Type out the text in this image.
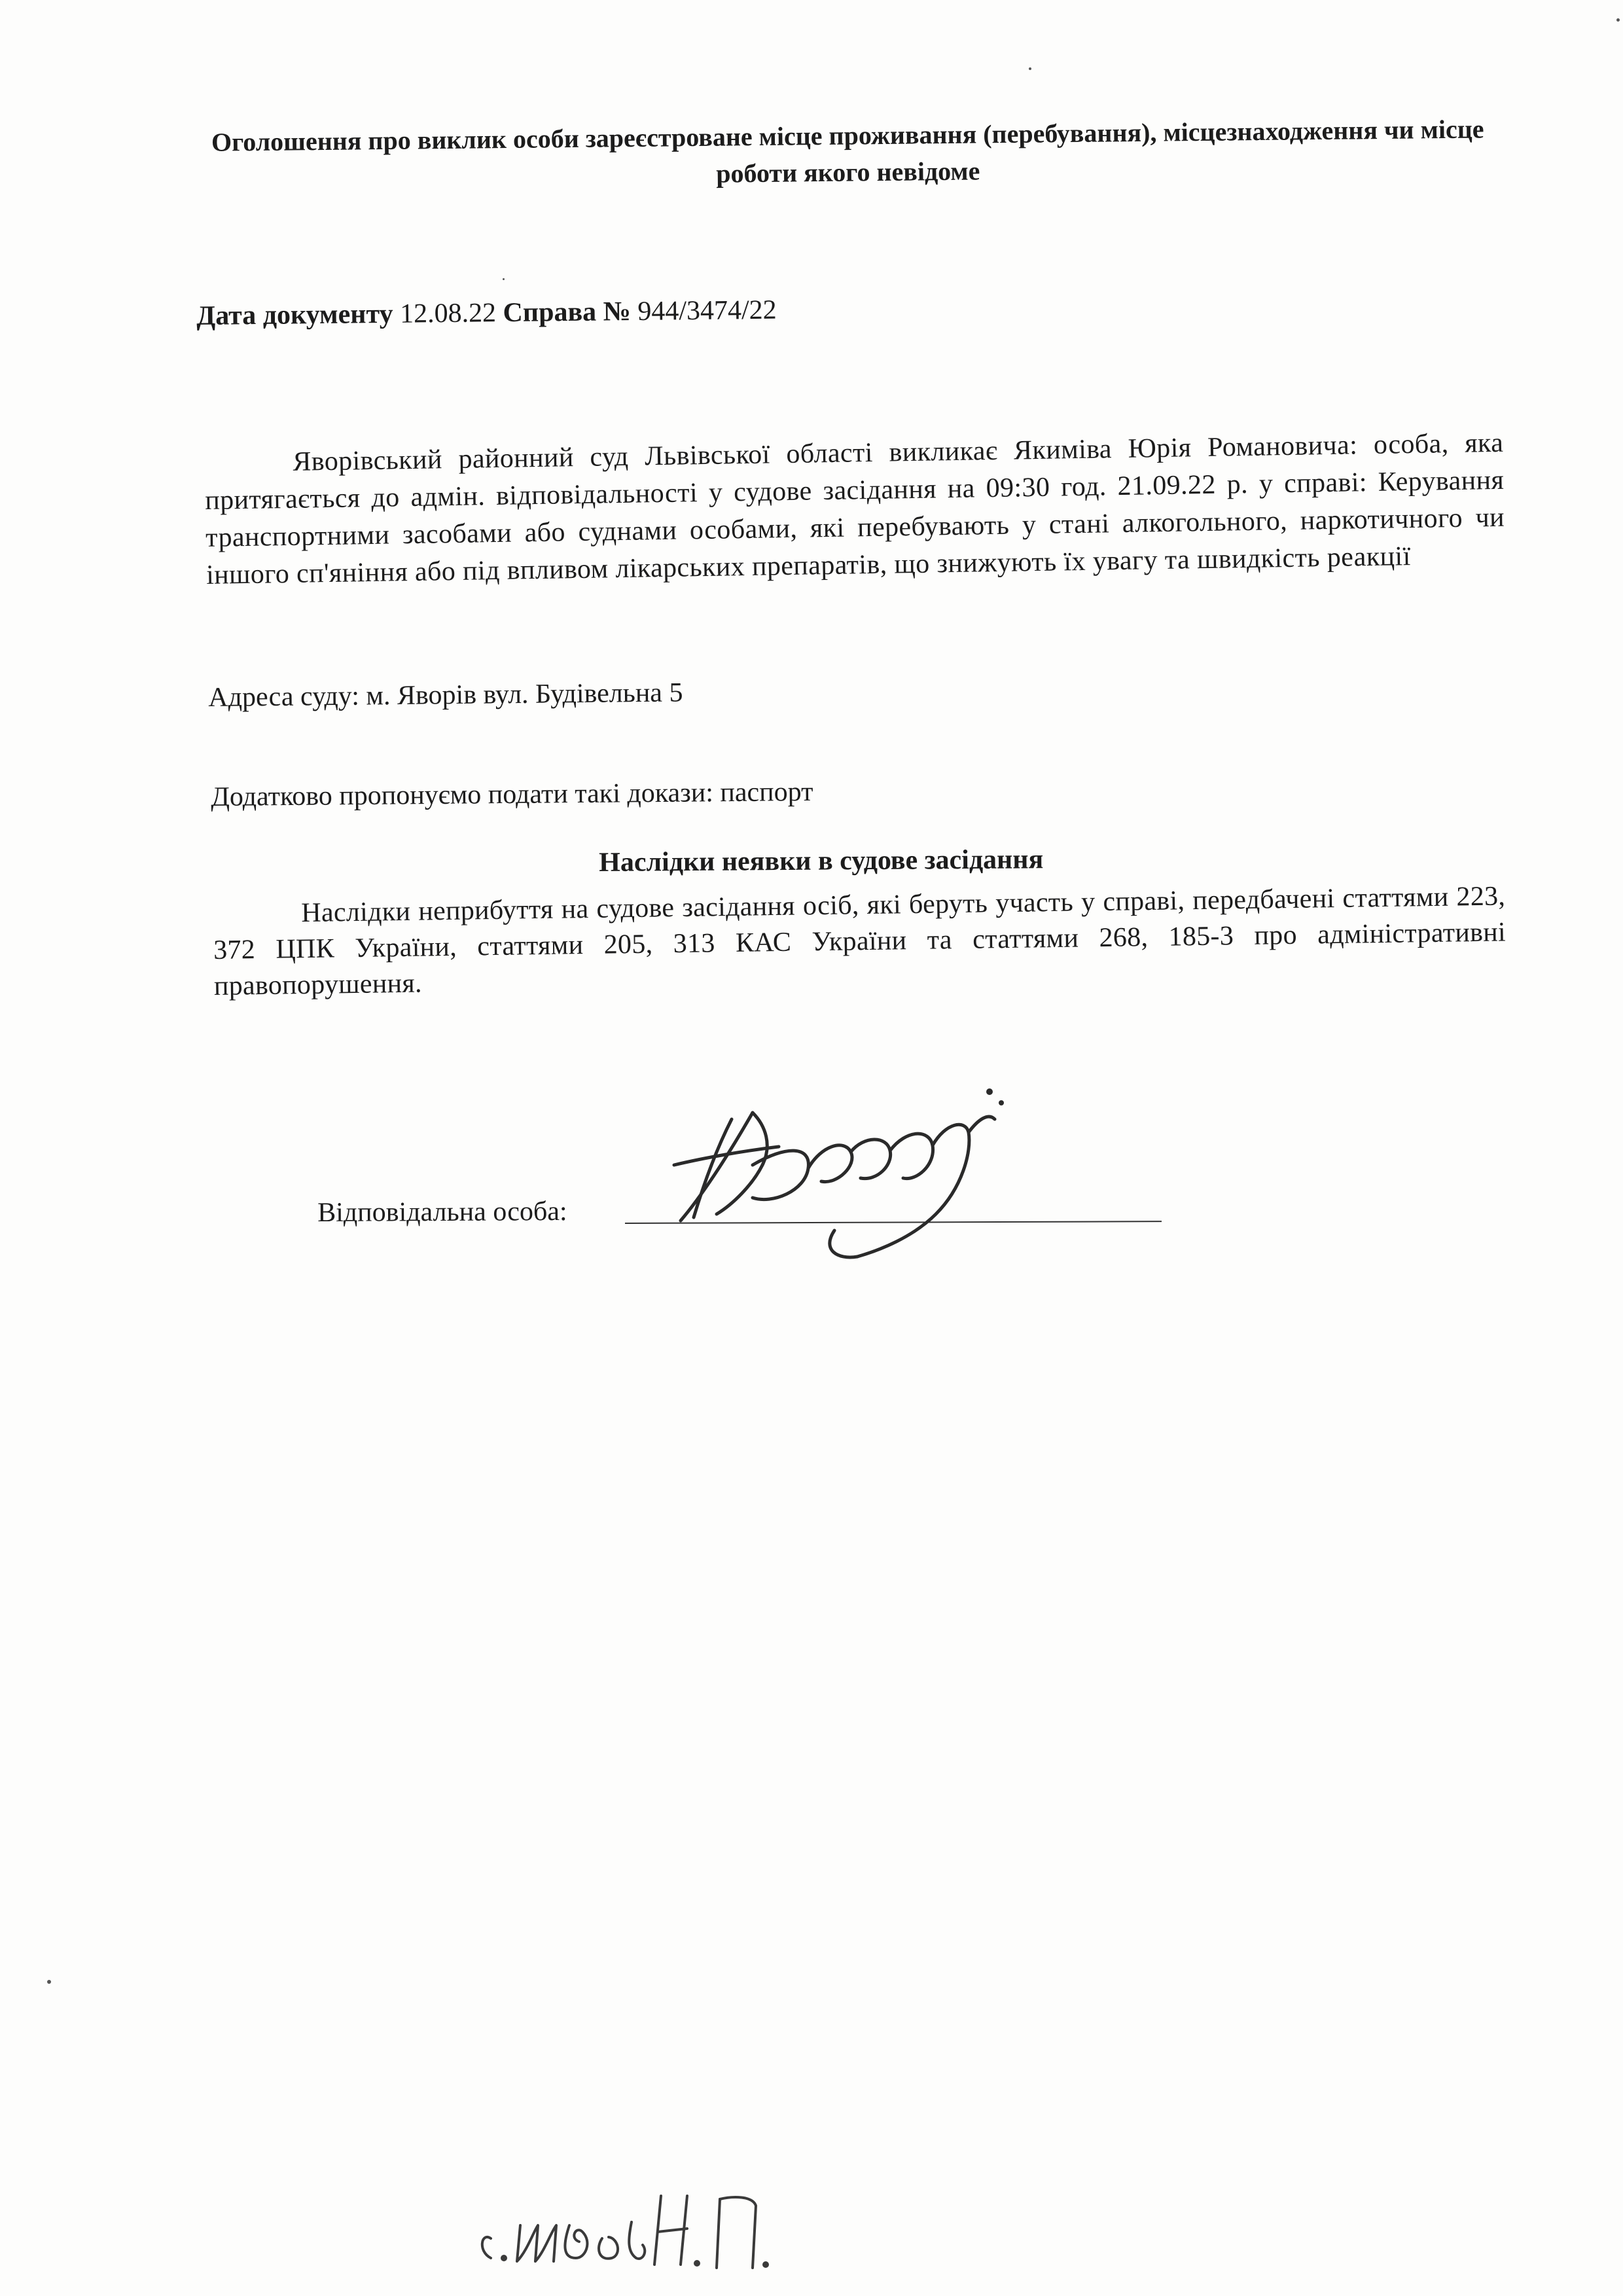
Оголошення про виклик особи зареєстроване місце проживання (перебування), місцезнаходження чи місце роботи якого невідоме
Дата документу 12.08.22 Справа № 944/3474/22
Яворівський районний суд Львівської області викликає Якиміва Юрія Романовича: особа, яка притягається до адмін. відповідальності у судове засідання на 09:30 год. 21.09.22 р. у справі: Керування транспортними засобами або суднами особами, які перебувають у стані алкогольного, наркотичного чи іншого сп'яніння або під впливом лікарських препаратів, що знижують їх увагу та швидкість реакції
Адреса суду: м. Яворів вул. Будівельна 5
Додатково пропонуємо подати такі докази: паспорт
Наслідки неявки в судове засідання
Наслідки неприбуття на судове засідання осіб, які беруть участь у справі, передбачені статтями 223, 372 ЦПК України, статтями 205, 313 КАС України та статтями 268, 185-3 про адміністративні правопорушення.
Відповідальна особа:
